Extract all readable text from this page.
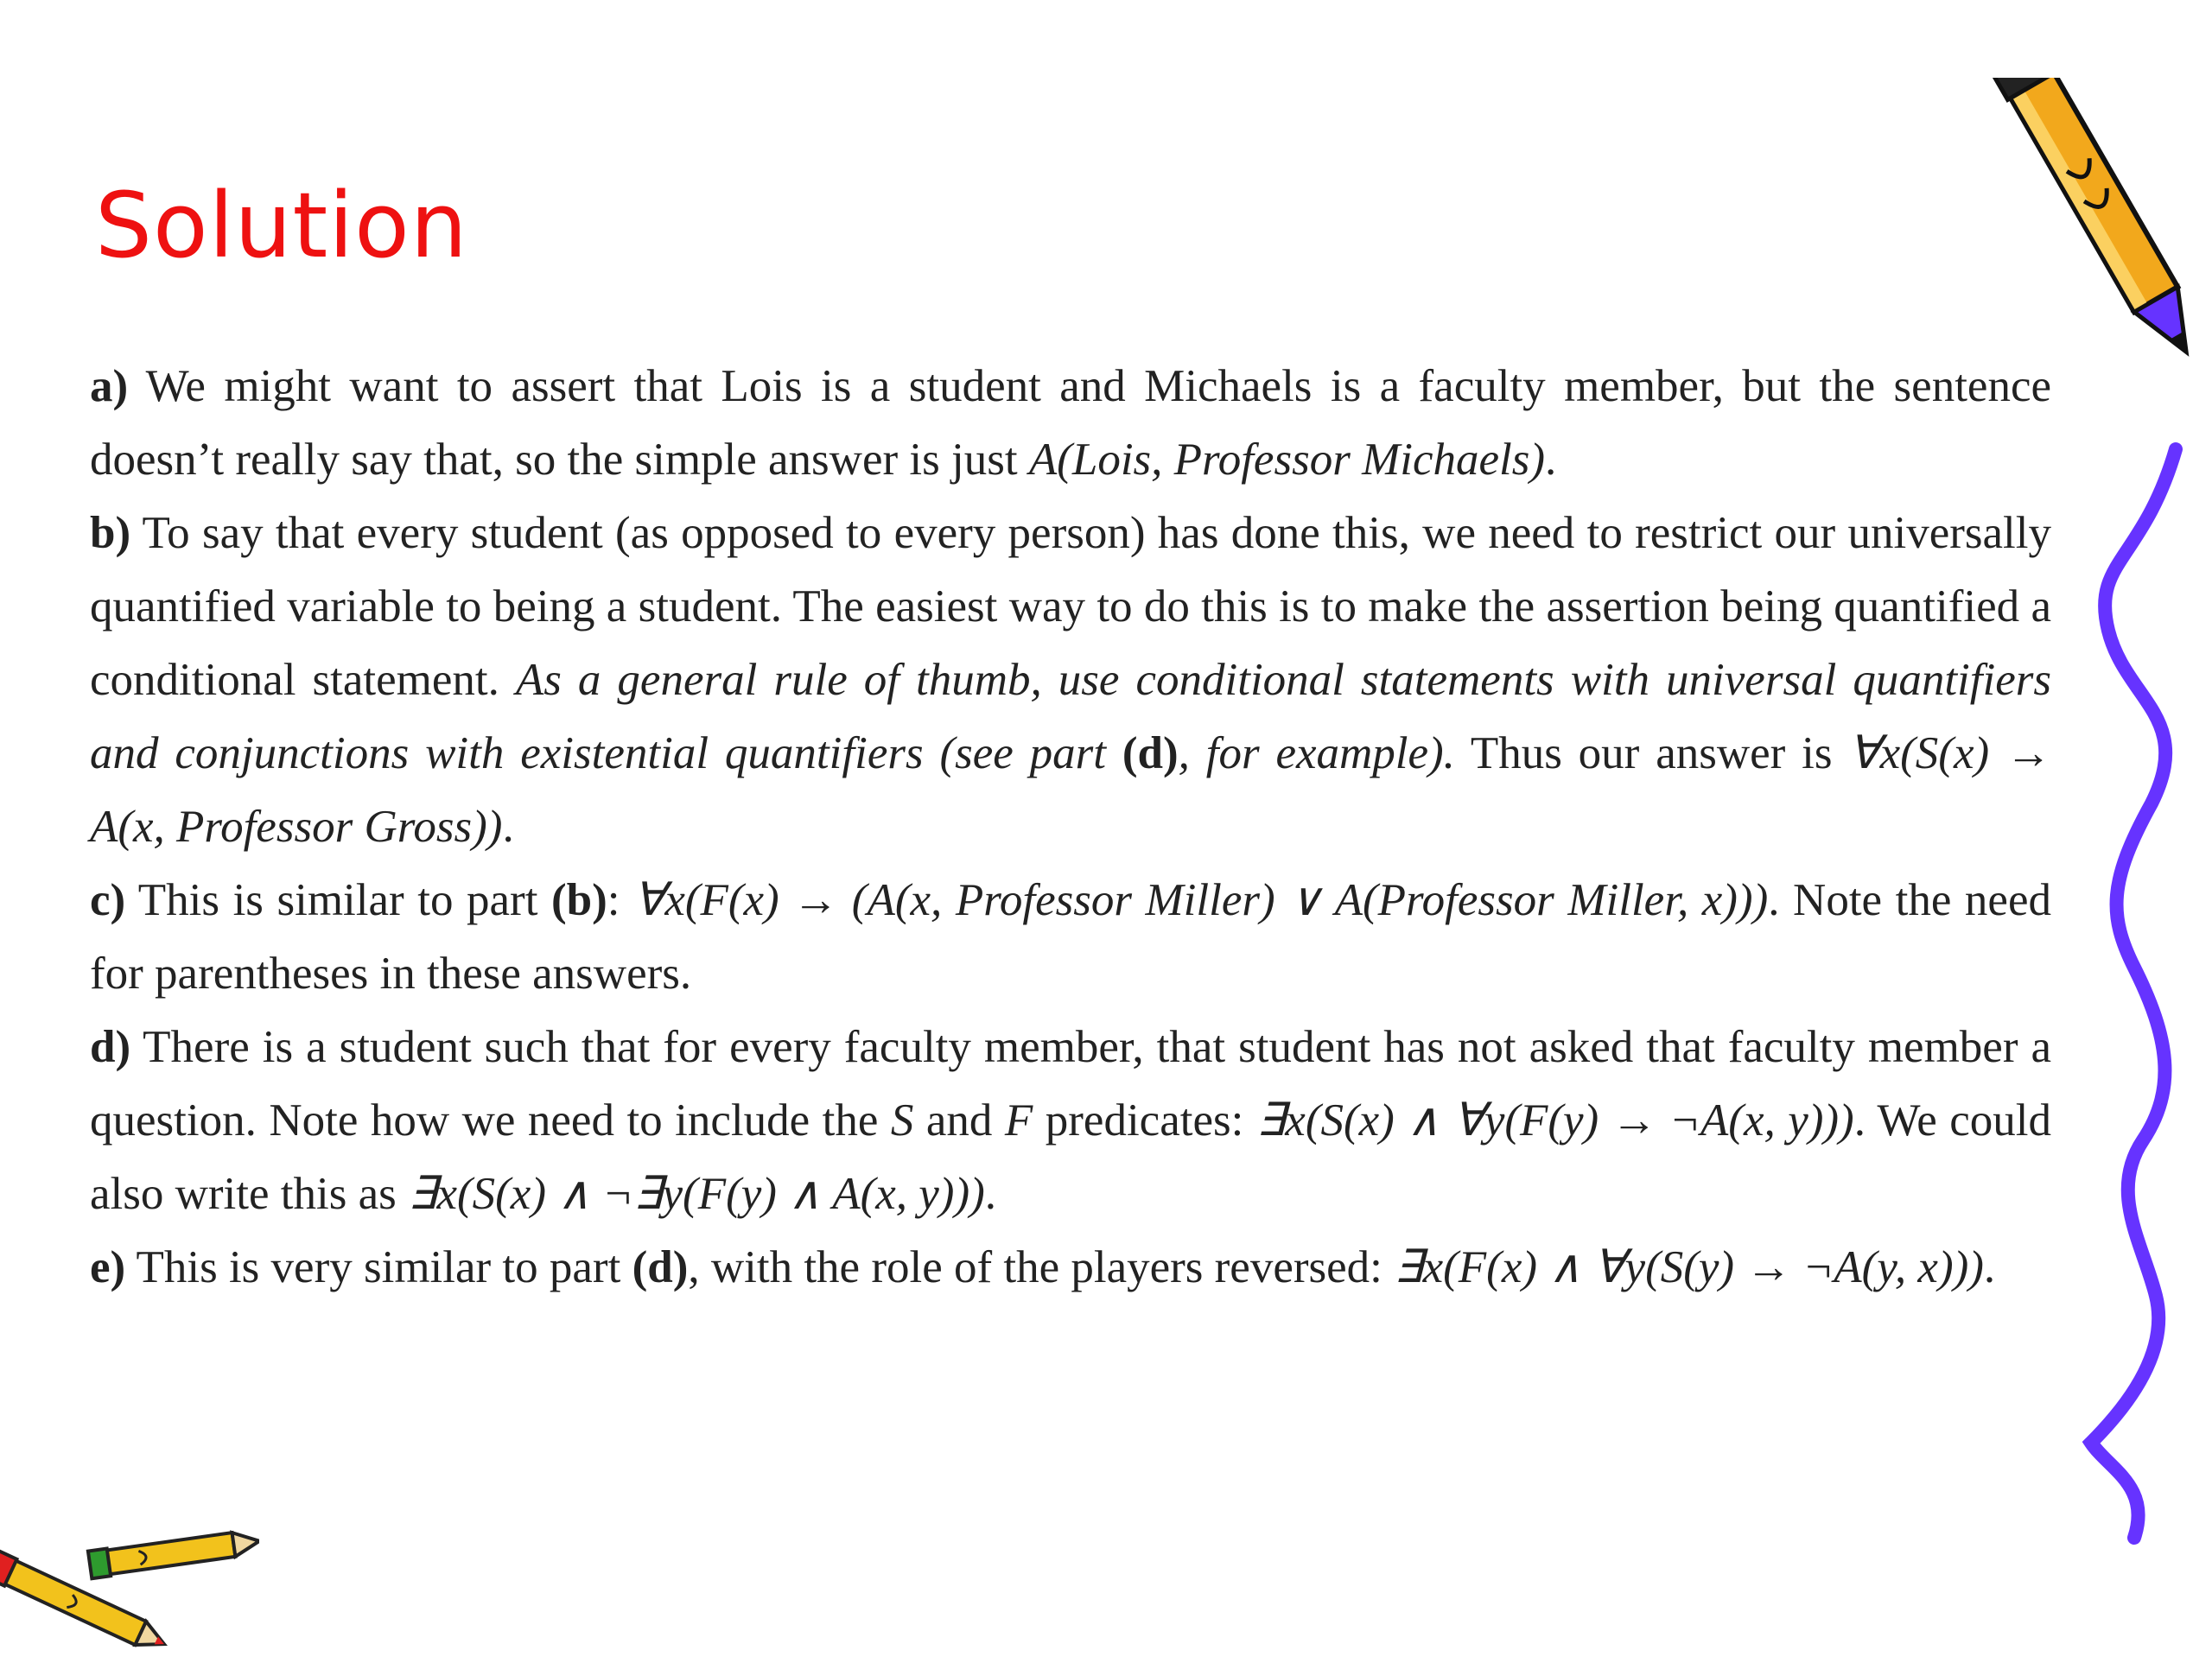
Solution

a) We might want to assert that Lois is a student and Michaels is a faculty member, but the sentence doesn’t really say that, so the simple answer is just A(Lois, Professor Michaels).

b) To say that every student (as opposed to every person) has done this, we need to restrict our universally quantified variable to being a student. The easiest way to do this is to make the assertion being quantified a conditional statement. As a general rule of thumb, use conditional statements with universal quantifiers and conjunctions with existential quantifiers (see part (d), for example). Thus our answer is ∀x(S(x) → A(x, Professor Gross)).

c) This is similar to part (b): ∀x(F(x) → (A(x, Professor Miller) ∨ A(Professor Miller, x))). Note the need for parentheses in these answers.

d) There is a student such that for every faculty member, that student has not asked that faculty member a question. Note how we need to include the S and F predicates: ∃x(S(x) ∧ ∀y(F(y) → ¬A(x, y))). We could also write this as ∃x(S(x) ∧ ¬∃y(F(y) ∧ A(x, y))).

e) This is very similar to part (d), with the role of the players reversed: ∃x(F(x) ∧ ∀y(S(y) → ¬A(y, x))).
